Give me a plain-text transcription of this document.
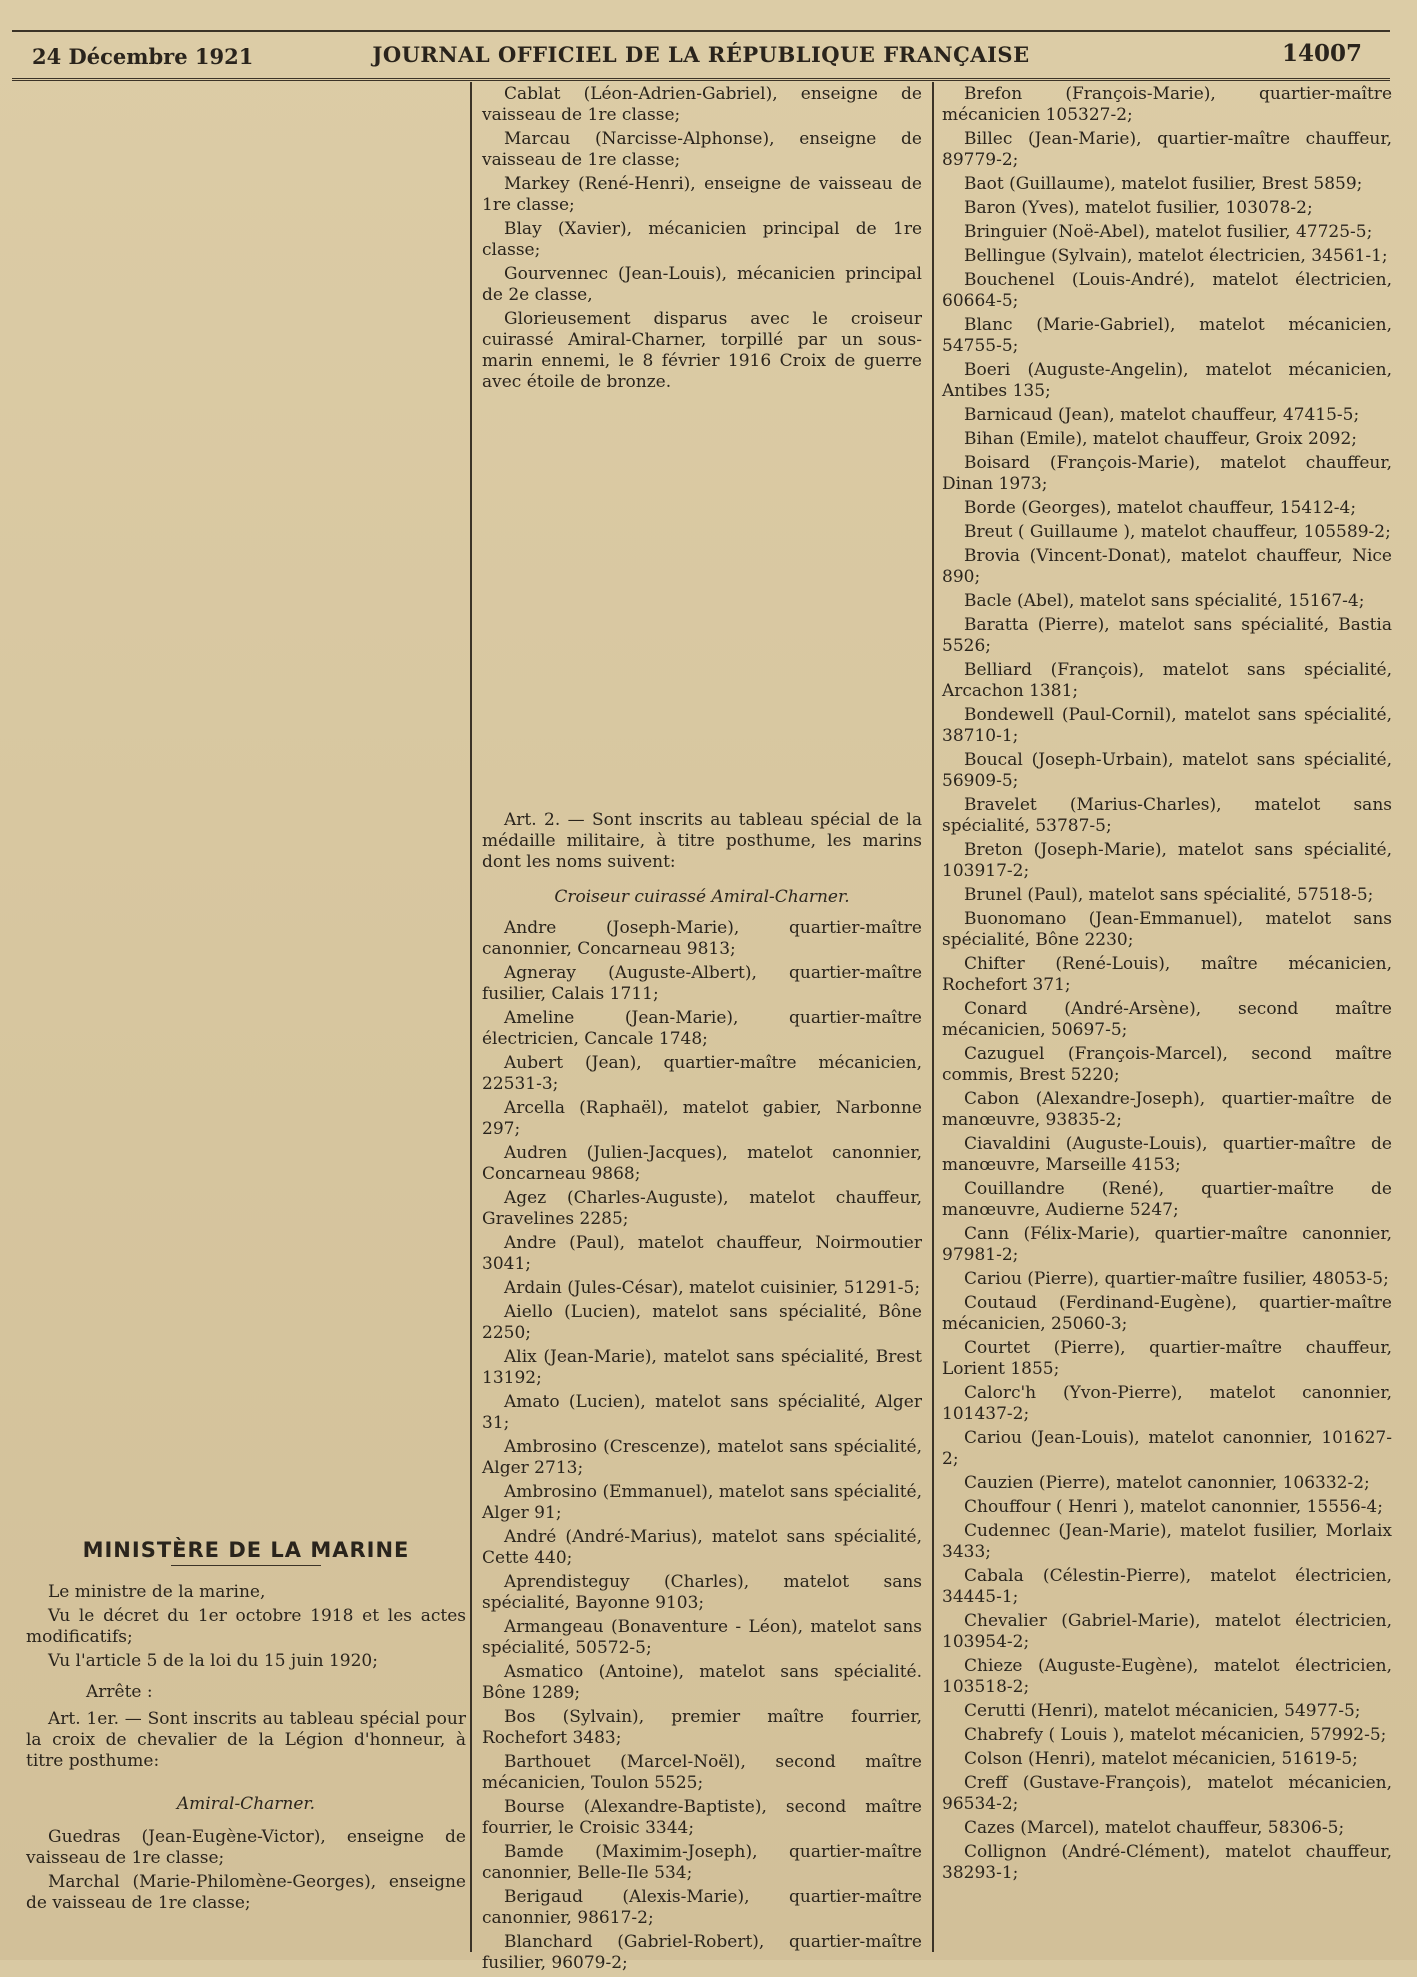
24 Décembre 1921	JOURNAL OFFICIEL DE LA RÉPUBLIQUE FRANÇAISE	14007

MINISTÈRE DE LA MARINE

Le ministre de la marine,

Vu le décret du 1er octobre 1918 et les actes modificatifs;

Vu l'article 5 de la loi du 15 juin 1920;

Arrête :

Art. 1er. — Sont inscrits au tableau spécial pour la croix de chevalier de la Légion d'honneur, à titre posthume:

Amiral-Charner.

Guedras (Jean-Eugène-Victor), enseigne de vaisseau de 1re classe;

Marchal (Marie-Philomène-Georges), enseigne de vaisseau de 1re classe;

Cablat (Léon-Adrien-Gabriel), enseigne de vaisseau de 1re classe;

Marcau (Narcisse-Alphonse), enseigne de vaisseau de 1re classe;

Markey (René-Henri), enseigne de vaisseau de 1re classe;

Blay (Xavier), mécanicien principal de 1re classe;

Gourvennec (Jean-Louis), mécanicien principal de 2e classe,

Glorieusement disparus avec le croiseur cuirassé Amiral-Charner, torpillé par un sous-marin ennemi, le 8 février 1916 Croix de guerre avec étoile de bronze.

Art. 2. — Sont inscrits au tableau spécial de la médaille militaire, à titre posthume, les marins dont les noms suivent:

Croiseur cuirassé Amiral-Charner.

Andre (Joseph-Marie), quartier-maître canonnier, Concarneau 9813;

Agneray (Auguste-Albert), quartier-maître fusilier, Calais 1711;

Ameline (Jean-Marie), quartier-maître électricien, Cancale 1748;

Aubert (Jean), quartier-maître mécanicien, 22531-3;

Arcella (Raphaël), matelot gabier, Narbonne 297;

Audren (Julien-Jacques), matelot canonnier, Concarneau 9868;

Agez (Charles-Auguste), matelot chauffeur, Gravelines 2285;

Andre (Paul), matelot chauffeur, Noirmoutier 3041;

Ardain (Jules-César), matelot cuisinier, 51291-5;

Aiello (Lucien), matelot sans spécialité, Bône 2250;

Alix (Jean-Marie), matelot sans spécialité, Brest 13192;

Amato (Lucien), matelot sans spécialité, Alger 31;

Ambrosino (Crescenze), matelot sans spécialité, Alger 2713;

Ambrosino (Emmanuel), matelot sans spécialité, Alger 91;

André (André-Marius), matelot sans spécialité, Cette 440;

Aprendisteguy (Charles), matelot sans spécialité, Bayonne 9103;

Armangeau (Bonaventure - Léon), matelot sans spécialité, 50572-5;

Asmatico (Antoine), matelot sans spécialité. Bône 1289;

Bos (Sylvain), premier maître fourrier, Rochefort 3483;

Barthouet (Marcel-Noël), second maître mécanicien, Toulon 5525;

Bourse (Alexandre-Baptiste), second maître fourrier, le Croisic 3344;

Bamde (Maximim-Joseph), quartier-maître canonnier, Belle-Ile 534;

Berigaud (Alexis-Marie), quartier-maître canonnier, 98617-2;

Blanchard (Gabriel-Robert), quartier-maître fusilier, 96079-2;

Brefon (François-Marie), quartier-maître mécanicien 105327-2;

Billec (Jean-Marie), quartier-maître chauffeur, 89779-2;

Baot (Guillaume), matelot fusilier, Brest 5859;

Baron (Yves), matelot fusilier, 103078-2;

Bringuier (Noë-Abel), matelot fusilier, 47725-5;

Bellingue (Sylvain), matelot électricien, 34561-1;

Bouchenel (Louis-André), matelot électricien, 60664-5;

Blanc (Marie-Gabriel), matelot mécanicien, 54755-5;

Boeri (Auguste-Angelin), matelot mécanicien, Antibes 135;

Barnicaud (Jean), matelot chauffeur, 47415-5;

Bihan (Emile), matelot chauffeur, Groix 2092;

Boisard (François-Marie), matelot chauffeur, Dinan 1973;

Borde (Georges), matelot chauffeur, 15412-4;

Breut ( Guillaume ), matelot chauffeur, 105589-2;

Brovia (Vincent-Donat), matelot chauffeur, Nice 890;

Bacle (Abel), matelot sans spécialité, 15167-4;

Baratta (Pierre), matelot sans spécialité, Bastia 5526;

Belliard (François), matelot sans spécialité, Arcachon 1381;

Bondewell (Paul-Cornil), matelot sans spécialité, 38710-1;

Boucal (Joseph-Urbain), matelot sans spécialité, 56909-5;

Bravelet (Marius-Charles), matelot sans spécialité, 53787-5;

Breton (Joseph-Marie), matelot sans spécialité, 103917-2;

Brunel (Paul), matelot sans spécialité, 57518-5;

Buonomano (Jean-Emmanuel), matelot sans spécialité, Bône 2230;

Chifter (René-Louis), maître mécanicien, Rochefort 371;

Conard (André-Arsène), second maître mécanicien, 50697-5;

Cazuguel (François-Marcel), second maître commis, Brest 5220;

Cabon (Alexandre-Joseph), quartier-maître de manœuvre, 93835-2;

Ciavaldini (Auguste-Louis), quartier-maître de manœuvre, Marseille 4153;

Couillandre (René), quartier-maître de manœuvre, Audierne 5247;

Cann (Félix-Marie), quartier-maître canonnier, 97981-2;

Cariou (Pierre), quartier-maître fusilier, 48053-5;

Coutaud (Ferdinand-Eugène), quartier-maître mécanicien, 25060-3;

Courtet (Pierre), quartier-maître chauffeur, Lorient 1855;

Calorc'h (Yvon-Pierre), matelot canonnier, 101437-2;

Cariou (Jean-Louis), matelot canonnier, 101627-2;

Cauzien (Pierre), matelot canonnier, 106332-2;

Chouffour ( Henri ), matelot canonnier, 15556-4;

Cudennec (Jean-Marie), matelot fusilier, Morlaix 3433;

Cabala (Célestin-Pierre), matelot électricien, 34445-1;

Chevalier (Gabriel-Marie), matelot électricien, 103954-2;

Chieze (Auguste-Eugène), matelot électricien, 103518-2;

Cerutti (Henri), matelot mécanicien, 54977-5;

Chabrefy ( Louis ), matelot mécanicien, 57992-5;

Colson (Henri), matelot mécanicien, 51619-5;

Creff (Gustave-François), matelot mécanicien, 96534-2;

Cazes (Marcel), matelot chauffeur, 58306-5;

Collignon (André-Clément), matelot chauffeur, 38293-1;
